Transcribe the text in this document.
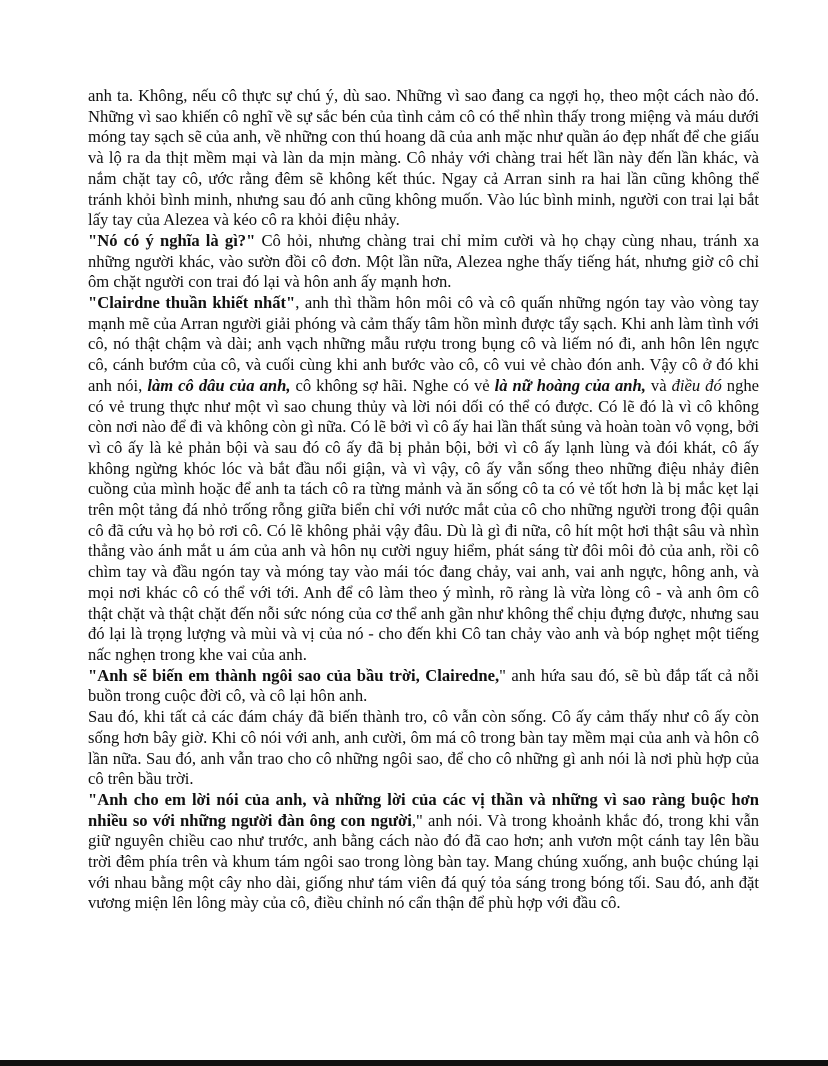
anh ta. Không, nếu cô thực sự chú ý, dù sao. Những vì sao đang ca ngợi họ, theo một cách nào đó. Những vì sao khiến cô nghĩ về sự sắc bén của tình cảm cô có thể nhìn thấy trong miệng và máu dưới móng tay sạch sẽ của anh, về những con thú hoang dã của anh mặc như quần áo đẹp nhất để che giấu và lộ ra da thịt mềm mại và làn da mịn màng. Cô nhảy với chàng trai hết lần này đến lần khác, và nắm chặt tay cô, ước rằng đêm sẽ không kết thúc. Ngay cả Arran sinh ra hai lần cũng không thể tránh khỏi bình minh, nhưng sau đó anh cũng không muốn. Vào lúc bình minh, người con trai lại bắt lấy tay của Alezea và kéo cô ra khỏi điệu nhảy.

"Nó có ý nghĩa là gì?" Cô hỏi, nhưng chàng trai chỉ mỉm cười và họ chạy cùng nhau, tránh xa những người khác, vào sườn đồi cô đơn. Một lần nữa, Alezea nghe thấy tiếng hát, nhưng giờ cô chỉ ôm chặt người con trai đó lại và hôn anh ấy mạnh hơn.

"Clairdne thuần khiết nhất", anh thì thầm hôn môi cô và cô quấn những ngón tay vào vòng tay mạnh mẽ của Arran người giải phóng và cảm thấy tâm hồn mình được tẩy sạch. Khi anh làm tình với cô, nó thật chậm và dài; anh vạch những mẫu rượu trong bụng cô và liếm nó đi, anh hôn lên ngực cô, cánh bướm của cô, và cuối cùng khi anh bước vào cô, cô vui vẻ chào đón anh. Vậy cô ở đó khi anh nói, làm cô dâu của anh, cô không sợ hãi. Nghe có vẻ là nữ hoàng của anh, và điều đó nghe có vẻ trung thực như một vì sao chung thủy và lời nói dối có thể có được. Có lẽ đó là vì cô không còn nơi nào để đi và không còn gì nữa. Có lẽ bởi vì cô ấy hai lần thất sủng và hoàn toàn vô vọng, bởi vì cô ấy là kẻ phản bội và sau đó cô ấy đã bị phản bội, bởi vì cô ấy lạnh lùng và đói khát, cô ấy không ngừng khóc lóc và bắt đầu nổi giận, và vì vậy, cô ấy vẫn sống theo những điệu nhảy điên cuồng của mình hoặc để anh ta tách cô ra từng mảnh và ăn sống cô ta có vẻ tốt hơn là bị mắc kẹt lại trên một tảng đá nhỏ trống rỗng giữa biển chỉ với nước mắt của cô cho những người trong đội quân cô đã cứu và họ bỏ rơi cô. Có lẽ không phải vậy đâu. Dù là gì đi nữa, cô hít một hơi thật sâu và nhìn thẳng vào ánh mắt u ám của anh và hôn nụ cười nguy hiểm, phát sáng từ đôi môi đỏ của anh, rồi cô chìm tay và đầu ngón tay và móng tay vào mái tóc đang chảy, vai anh, vai anh ngực, hông anh, và mọi nơi khác cô có thể với tới. Anh để cô làm theo ý mình, rõ ràng là vừa lòng cô - và anh ôm cô thật chặt và thật chặt đến nỗi sức nóng của cơ thể anh gần như không thể chịu đựng được, nhưng sau đó lại là trọng lượng và mùi và vị của nó - cho đến khi Cô tan chảy vào anh và bóp nghẹt một tiếng nấc nghẹn trong khe vai của anh.

"Anh sẽ biến em thành ngôi sao của bầu trời, Clairedne," anh hứa sau đó, sẽ bù đắp tất cả nỗi buồn trong cuộc đời cô, và cô lại hôn anh.

Sau đó, khi tất cả các đám cháy đã biến thành tro, cô vẫn còn sống. Cô ấy cảm thấy như cô ấy còn sống hơn bây giờ. Khi cô nói với anh, anh cười, ôm má cô trong bàn tay mềm mại của anh và hôn cô lần nữa. Sau đó, anh vẫn trao cho cô những ngôi sao, để cho cô những gì anh nói là nơi phù hợp của cô trên bầu trời.

"Anh cho em lời nói của anh, và những lời của các vị thần và những vì sao ràng buộc hơn nhiều so với những người đàn ông con người," anh nói. Và trong khoảnh khắc đó, trong khi vẫn giữ nguyên chiều cao như trước, anh bằng cách nào đó đã cao hơn; anh vươn một cánh tay lên bầu trời đêm phía trên và khum tám ngôi sao trong lòng bàn tay. Mang chúng xuống, anh buộc chúng lại với nhau bằng một cây nho dài, giống như tám viên đá quý tỏa sáng trong bóng tối. Sau đó, anh đặt vương miện lên lông mày của cô, điều chỉnh nó cẩn thận để phù hợp với đầu cô.
